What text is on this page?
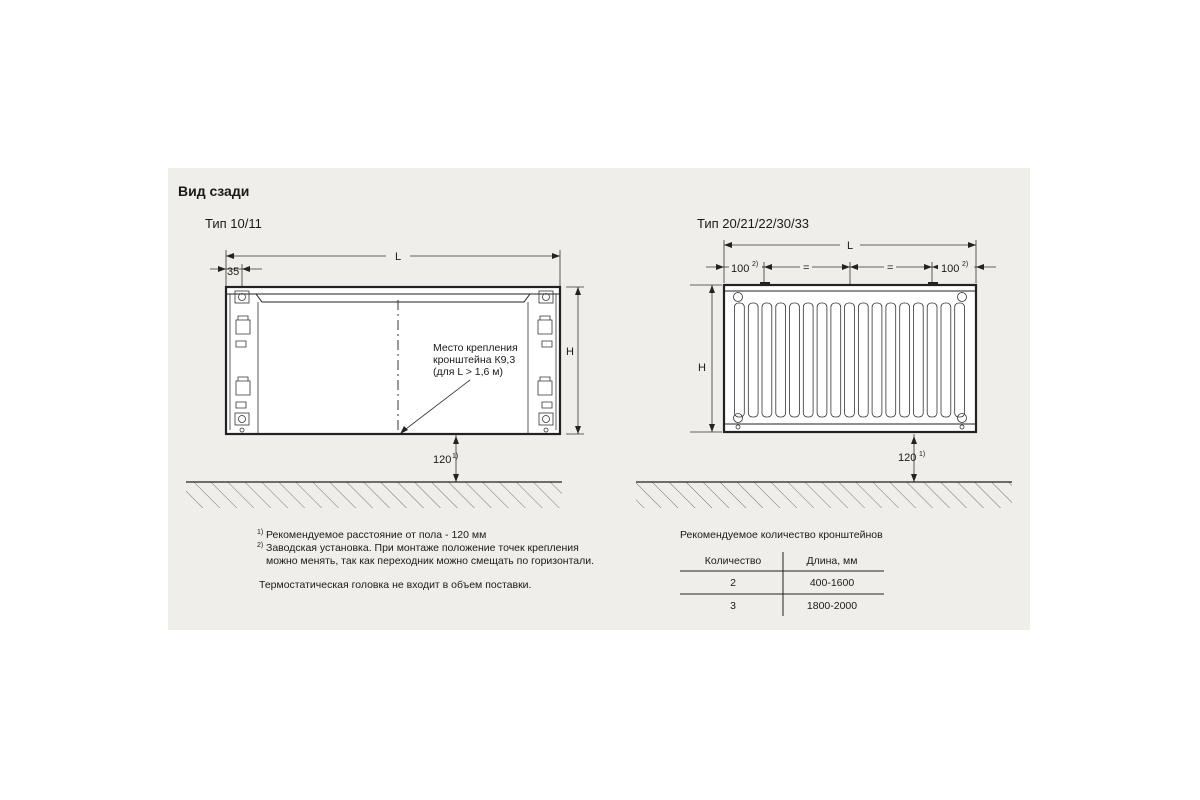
Вид сзади
Тип 10/11
L
35
H
Место крепления
кронштейна К9,3
(для L > 1,6 м)
120 1)
Тип 20/21/22/30/33
L
100 2)	=	=	100 2)
H
120 1)
1) Рекомендуемое расстояние от пола - 120 мм
2) Заводская установка. При монтаже положение точек крепления
можно менять, так как переходник можно смещать по горизонтали.
Термостатическая головка не входит в объем поставки.
Рекомендуемое количество кронштейнов
Количество	Длина, мм
2	400-1600
3	1800-2000
